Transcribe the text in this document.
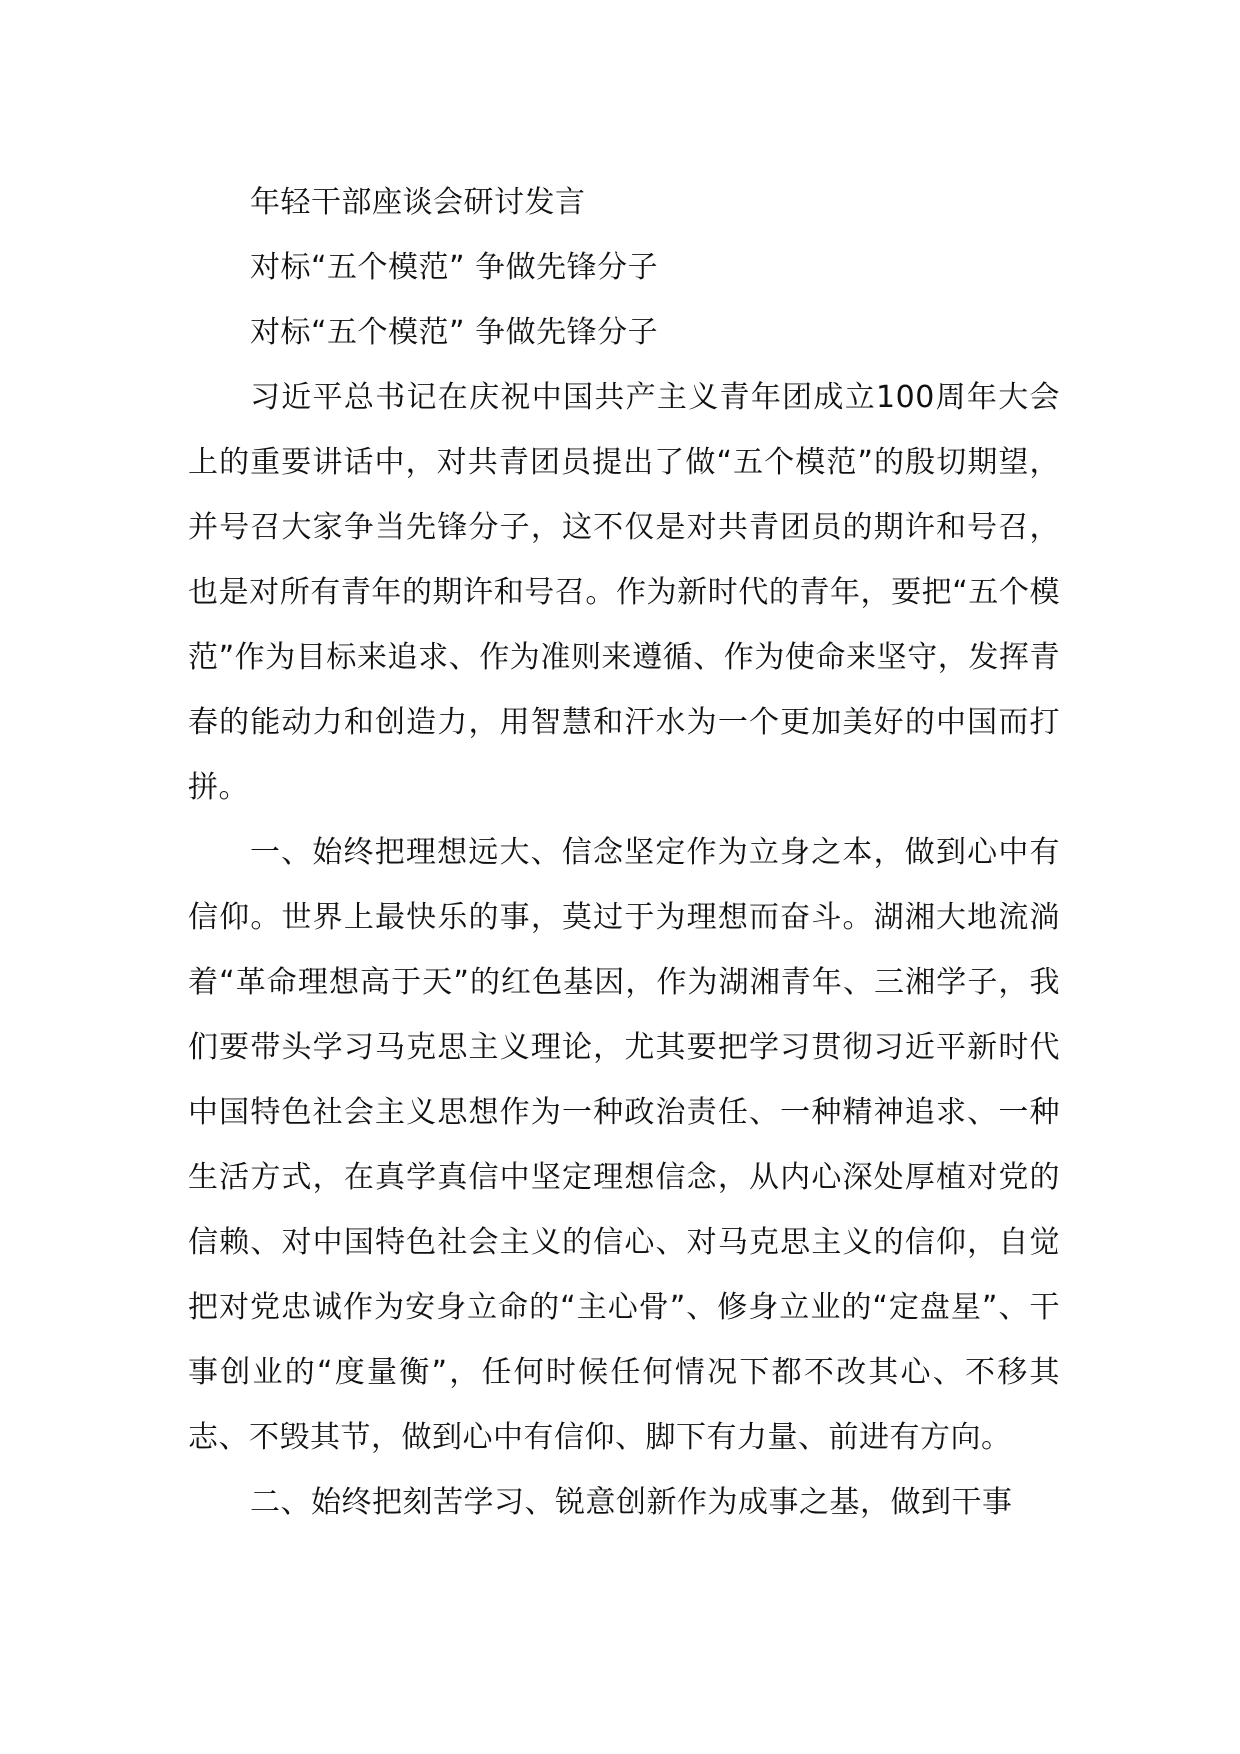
年轻干部座谈会研讨发言

对标“五个模范” 争做先锋分子

对标“五个模范” 争做先锋分子

习近平总书记在庆祝中国共产主义青年团成立100周年大会上的重要讲话中，对共青团员提出了做“五个模范”的殷切期望，并号召大家争当先锋分子，这不仅是对共青团员的期许和号召，也是对所有青年的期许和号召。作为新时代的青年，要把“五个模范”作为目标来追求、作为准则来遵循、作为使命来坚守，发挥青春的能动力和创造力，用智慧和汗水为一个更加美好的中国而打拼。

一、始终把理想远大、信念坚定作为立身之本，做到心中有信仰。世界上最快乐的事，莫过于为理想而奋斗。湖湘大地流淌着“革命理想高于天”的红色基因，作为湖湘青年、三湘学子，我们要带头学习马克思主义理论，尤其要把学习贯彻习近平新时代中国特色社会主义思想作为一种政治责任、一种精神追求、一种生活方式，在真学真信中坚定理想信念，从内心深处厚植对党的信赖、对中国特色社会主义的信心、对马克思主义的信仰，自觉把对党忠诚作为安身立命的“主心骨”、修身立业的“定盘星”、干事创业的“度量衡”，任何时候任何情况下都不改其心、不移其志、不毁其节，做到心中有信仰、脚下有力量、前进有方向。

二、始终把刻苦学习、锐意创新作为成事之基，做到干事
